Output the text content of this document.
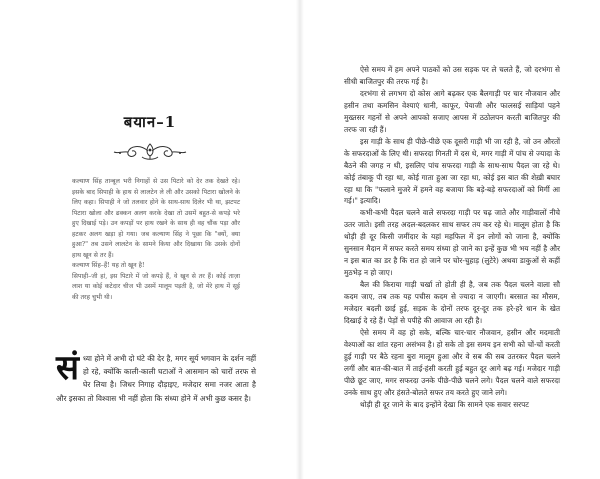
बयान–1

कल्याण सिंह तान्बूल भरी निगाहों से उस पिटारे को देर तक देखते रहे। इसके बाद सिपाही के हाथ से लालटेन ले ली और उसको पिटारा खोलने के लिए कहा। सिपाही ने जो तलवार होने के साथ-साथ दिलेर भी था, झटपट पिटारा खोला और ढक्कन अलग करके देखा तो उसमें बहुत-से कपड़े भरे हुए दिखाई पड़े। उन कपड़ों पर हाथ रखने के साथ ही वह चौंक पड़ा और हटकर अलग खड़ा हो गया। जब कल्याण सिंह ने पूछा कि "क्यों, क्या हुआ?" तब उसने लालटेन के सामने किया और दिखाया कि उसके दोनों हाथ खून से तर हैं।

कल्याण सिंह–हैं! यह तो खून है!

सिपाही–जी हां, इस पिटारे में जो कपड़े हैं, वे खून से तर हैं। कोई ताज़ा लाश या कोई कटेदार चीज भी उसमें मालूम पड़ती है, जो मेरे हाथ में सूई की तरह चुभी थी।

सं ध्या होने में अभी दो घंटे की देर है, मगर सूर्य भगवान के दर्शन नहीं हो रहे, क्योंकि काली-काली घटाओं ने आसमान को चारों तरफ से घेर लिया है। जिधर निगाह दौड़ाइए, मजेदार समा नजर आता है और इसका तो विश्वास भी नहीं होता कि संध्या होने में अभी कुछ कसर है।

ऐसे समय में हम अपने पाठकों को उस सड़क पर ले चलते हैं, जो दरभंगा से सीधी बाजितपुर की तरफ गई है।

दरभंगा से लगभग दो कोस आगे बढ़कर एक बैलगाड़ी पर चार नौजवान और हसीन तथा कमसिन वेश्याएं धानी, काफूर, पेयाजी और फालसई साड़ियां पहने मुख्तसर गहनों से अपने आपको सजाए आपस में ठठोलपन करती बाजितपुर की तरफ जा रही हैं।

इस गाड़ी के साथ ही पीछे-पीछे एक दूसरी गाड़ी भी जा रही है, जो उन औरतों के सफरदाओं के लिए थी। सफरदा गिनती में दस थे, मगर गाड़ी में पांच से ज्यादा के बैठने की जगह न थी, इसलिए पांच सफरदा गाड़ी के साथ-साथ पैदल जा रहे थे। कोई तंबाकू पी रहा था, कोई गाता हुआ जा रहा था, कोई इस बात की शेख़ी बघार रहा था कि "फलाने मुजरे में हमने वह बजाया कि बड़े-बड़े सफरदाओं को मिर्गी आ गई।" इत्यादि।

कभी-कभी पैदल चलने वाले सफरदा गाड़ी पर चढ़ जाते और गाड़ीवालों नीचे उतर जाते। इसी तरह अदल-बदलकर साथ सफर तय कर रहे थे। मालूम होता है कि थोड़ी ही दूर किसी जमींदार के यहां महफिल में इन लोगों को जाना है, क्योंकि सुनसान मैदान में सफर करते समय संध्या हो जाने का इन्हें कुछ भी भय नहीं है और न इस बात का डर है कि रात हो जाने पर चोर-चुहाड़ (लुटेरे) अथवा डाकुओं से कहीं मुठभेड़ न हो जाए।

बैल की किराया गाड़ी चर्खा तो होती ही है, जब तक पैदल चलने वाला सौ कदम जाए, तब तक यह पचीस कदम से ज्यादा न जाएगी। बरसात का मौसम, मजेदार बदली छाई हुई, सड़क के दोनों तरफ दूर-दूर तक हरे-हरे धान के खेत दिखाई दे रहे हैं। पेड़ों से पपीहे की आवाज आ रही है।

ऐसे समय में वह हो सके, बल्कि चार-चार नौजवान, हसीन और मदमाती वेश्याओं का शांत रहना असंभव है। हो सके तो इस समय इन सभी को चों-चों करती हुई गाड़ी पर बैठे रहना बुरा मालूम हुआ और वे सब की सब उतरकर पैदल चलने लगीं और बात-की-बात में ताई-हंसी करती हुई बहुत दूर आगे बढ़ गई। मजेदार गाड़ी पीछे छूट जाए, मगर सफरदा उनके पीछे-पीछे चलने लगे। पैदल चलने वाले सफरदा उनके साथ हुए और हंसते-बोलते सफर तय करते हुए जाने लगे।

थोड़ी ही दूर जाने के बाद इन्होंने देखा कि सामने एक सवार सरपट
